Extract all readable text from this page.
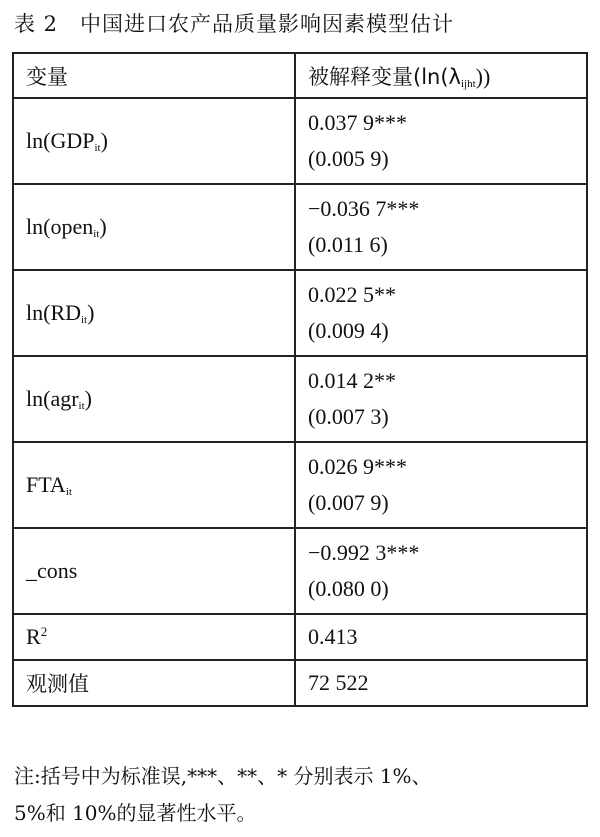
表 2 中国进口农产品质量影响因素模型估计
变量	被解释变量$(\ln(\lambda_{ijht}))$
$\ln(GDP_{it})$	0.037 9***
(0.005 9)

ln(open$_{it}$)	−0.036 7***
(0.011 6)

$\ln(RD_{it})$	0.022 5**
(0.009 4)

ln(agr$_{it}$)	0.014 2**
(0.007 3)

$FTA_{it}$	0.026 9***
(0.007 9)

_cons	−0.992 3***
(0.080 0)

$R^2$	0.413
观测值	72 522
注:括号中为标准误,***、**、* 分别表示 1%、
5%和 10%的显著性水平。
